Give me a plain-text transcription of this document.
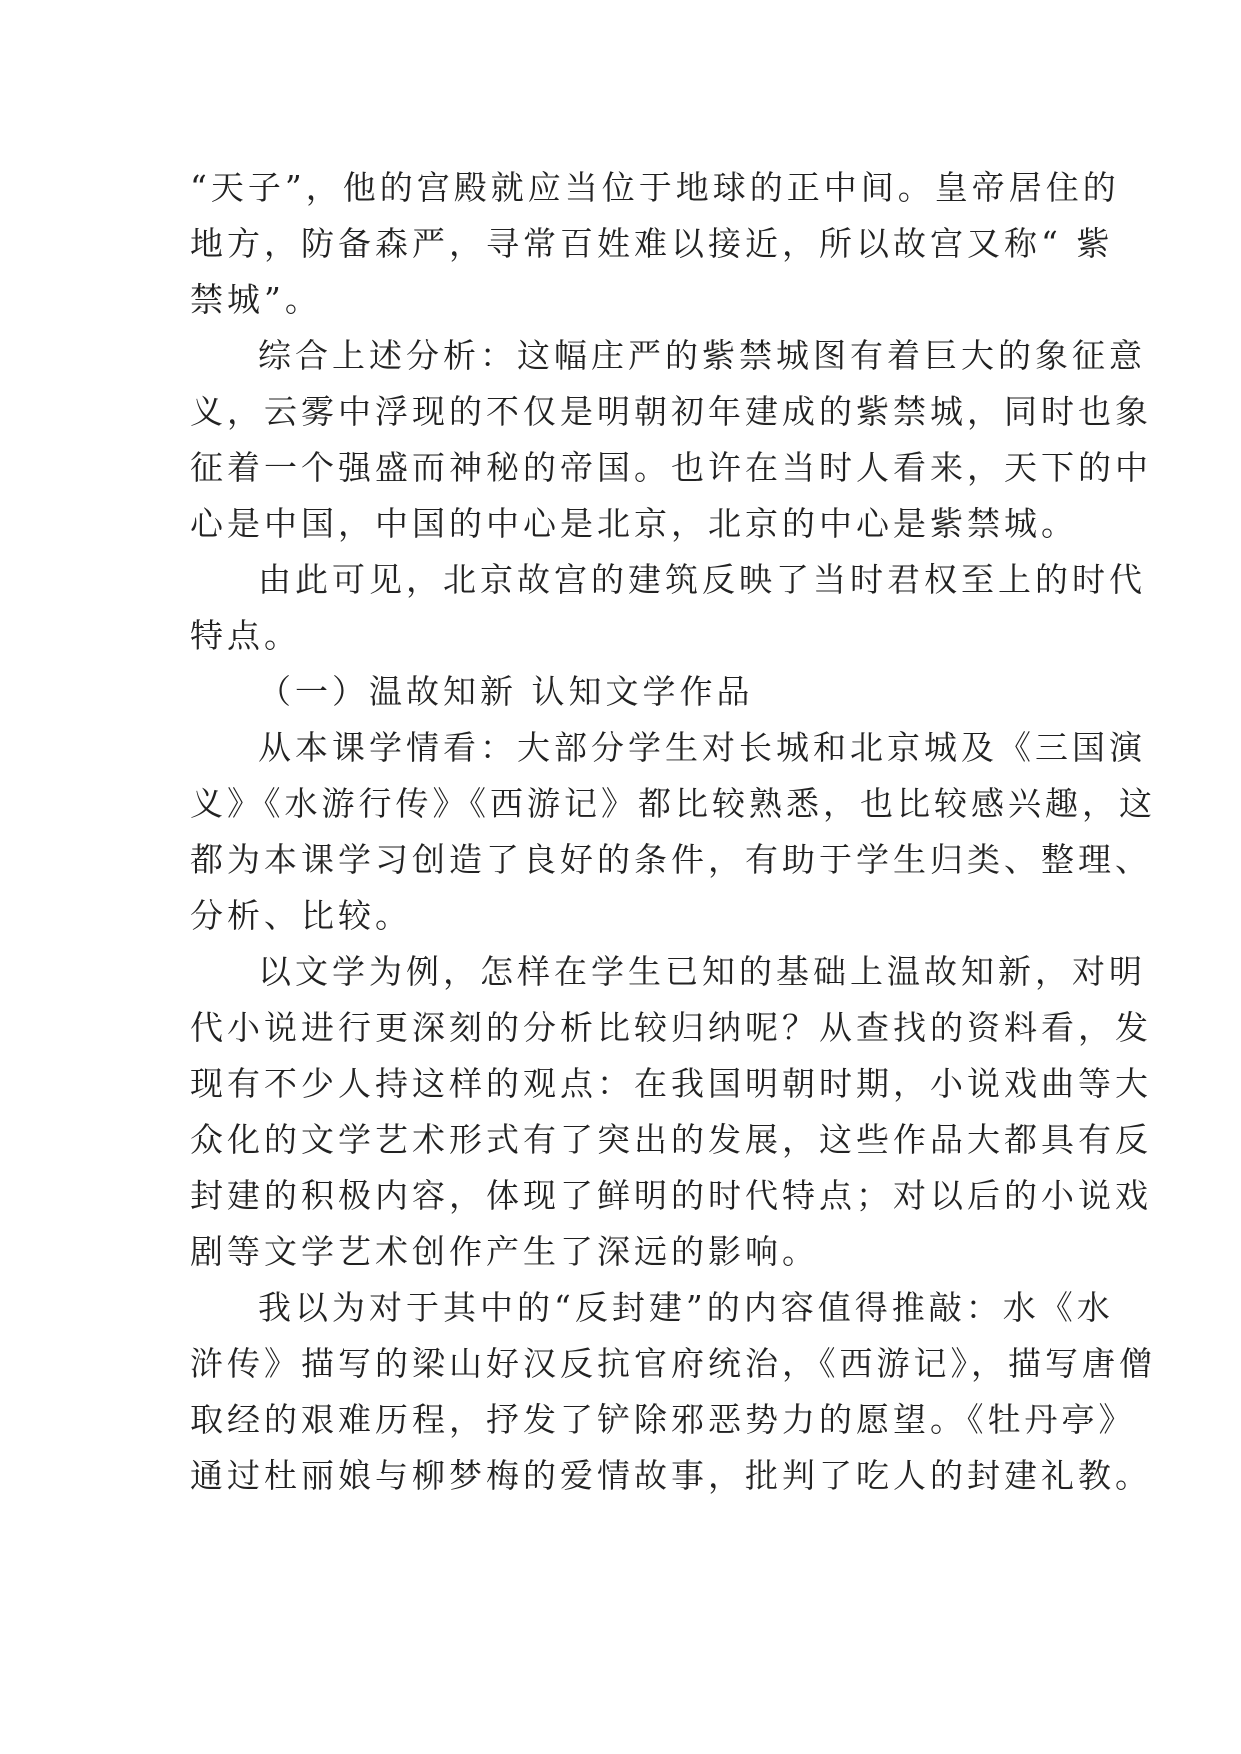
“天子”，他的宫殿就应当位于地球的正中间。皇帝居住的
地方，防备森严，寻常百姓难以接近，所以故宫又称“ 紫
禁城”。
综合上述分析：这幅庄严的紫禁城图有着巨大的象征意
义，云雾中浮现的不仅是明朝初年建成的紫禁城，同时也象
征着一个强盛而神秘的帝国。也许在当时人看来，天下的中
心是中国，中国的中心是北京，北京的中心是紫禁城。
由此可见，北京故宫的建筑反映了当时君权至上的时代
特点。
（一）温故知新 认知文学作品
从本课学情看：大部分学生对长城和北京城及《三国演
义》《水游行传》《西游记》都比较熟悉，也比较感兴趣，这
都为本课学习创造了良好的条件，有助于学生归类、整理、
分析、比较。
以文学为例，怎样在学生已知的基础上温故知新，对明
代小说进行更深刻的分析比较归纳呢？从查找的资料看，发
现有不少人持这样的观点：在我国明朝时期，小说戏曲等大
众化的文学艺术形式有了突出的发展，这些作品大都具有反
封建的积极内容，体现了鲜明的时代特点；对以后的小说戏
剧等文学艺术创作产生了深远的影响。
我以为对于其中的“反封建”的内容值得推敲：水《水
浒传》描写的梁山好汉反抗官府统治，《西游记》，描写唐僧
取经的艰难历程，抒发了铲除邪恶势力的愿望。《牡丹亭》
通过杜丽娘与柳梦梅的爱情故事，批判了吃人的封建礼教。
